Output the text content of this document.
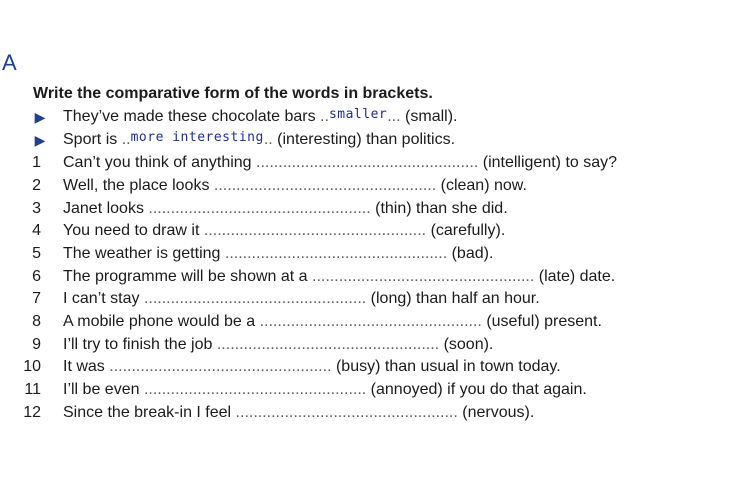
A
Write the comparative form of the words in brackets.
▶	They’ve made these chocolate bars ..smaller... (small).
▶	Sport is ..more interesting.. (interesting) than politics.
1 Can’t you think of anything .................................................. (intelligent) to say?
2 Well, the place looks .................................................. (clean) now.
3 Janet looks .................................................. (thin) than she did.
4 You need to draw it .................................................. (carefully).
5 The weather is getting .................................................. (bad).
6 The programme will be shown at a .................................................. (late) date.
7 I can’t stay .................................................. (long) than half an hour.
8 A mobile phone would be a .................................................. (useful) present.
9 I’ll try to finish the job .................................................. (soon).
10 It was .................................................. (busy) than usual in town today.
11 I’ll be even .................................................. (annoyed) if you do that again.
12 Since the break-in I feel .................................................. (nervous).
